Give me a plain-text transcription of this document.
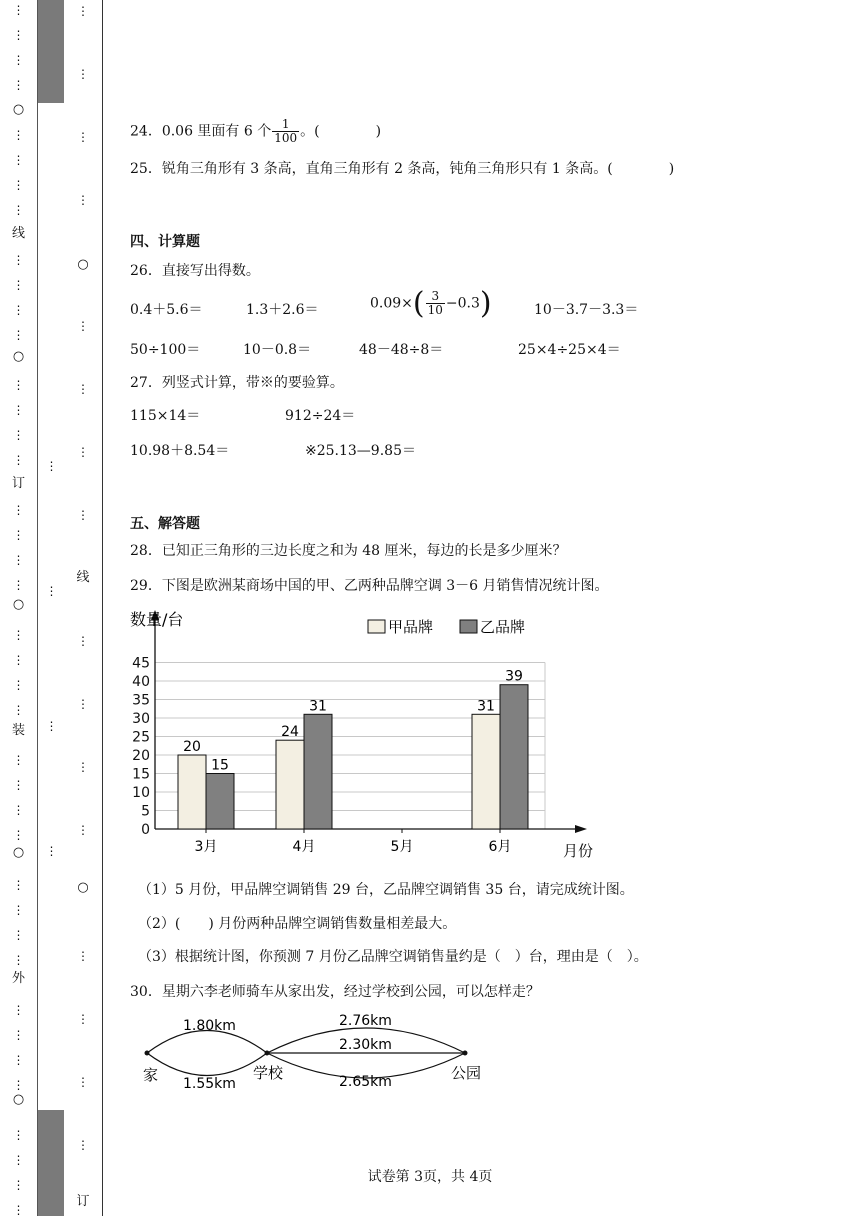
⋮
⋮
⋮
⋮
⋮
⋮
⋮
⋮
⋮
⋮
⋮
⋮
⋮
⋮
⋮
⋮
⋮
⋮
⋮
⋮
⋮
⋮
⋮
⋮
⋮
⋮
⋮
⋮
⋮
⋮
⋮
⋮
⋮
⋮
⋮
⋮
⋮
⋮
⋮
⋮
○
○
○
○
○
线
订
装
外
⋮
⋮
⋮
⋮
⋮
⋮
⋮
⋮
⋮
⋮
⋮
⋮
⋮
⋮
⋮
⋮
⋮
⋮
⋮
⋮
○
○
线
订
24．0.06 里面有 6 个 $\frac{1}{100}$ 。(　　　　)
25．锐角三角形有 3 条高，直角三角形有 2 条高，钝角三角形只有 1 条高。(　　　　)
四、计算题
26．直接写出得数。
0.4＋5.6＝	1.3＋2.6＝	$0.09\times( \frac{3}{10} -0.3)$	10－3.7－3.3＝
50÷100＝	10－0.8＝	48－48÷8＝	25×4÷25×4＝
27．列竖式计算，带※的要验算。
115×14＝	912÷24＝
10.98＋8.54＝	※25.13—9.85＝
五、解答题
28．已知正三角形的三边长度之和为 48 厘米，每边的长是多少厘米？
29．下图是欧洲某商场中国的甲、乙两种品牌空调 3－6 月销售情况统计图。
（1）5 月份，甲品牌空调销售 29 台，乙品牌空调销售 35 台，请完成统计图。
（2）(　　) 月份两种品牌空调销售数量相差最大。
（3）根据统计图，你预测 7 月份乙品牌空调销售量约是（　）台，理由是（　）。
30．星期六李老师骑车从家出发，经过学校到公园，可以怎样走？
0
5
10
15
20
25
30
35
40
45
数量/台
月份
甲品牌	乙品牌
20
15
3月
24
31
4月	5月
31
39
6月
家	学校	公园
1.80km
1.55km
2.76km
2.30km
2.65km
试卷第 3页，共 4页
